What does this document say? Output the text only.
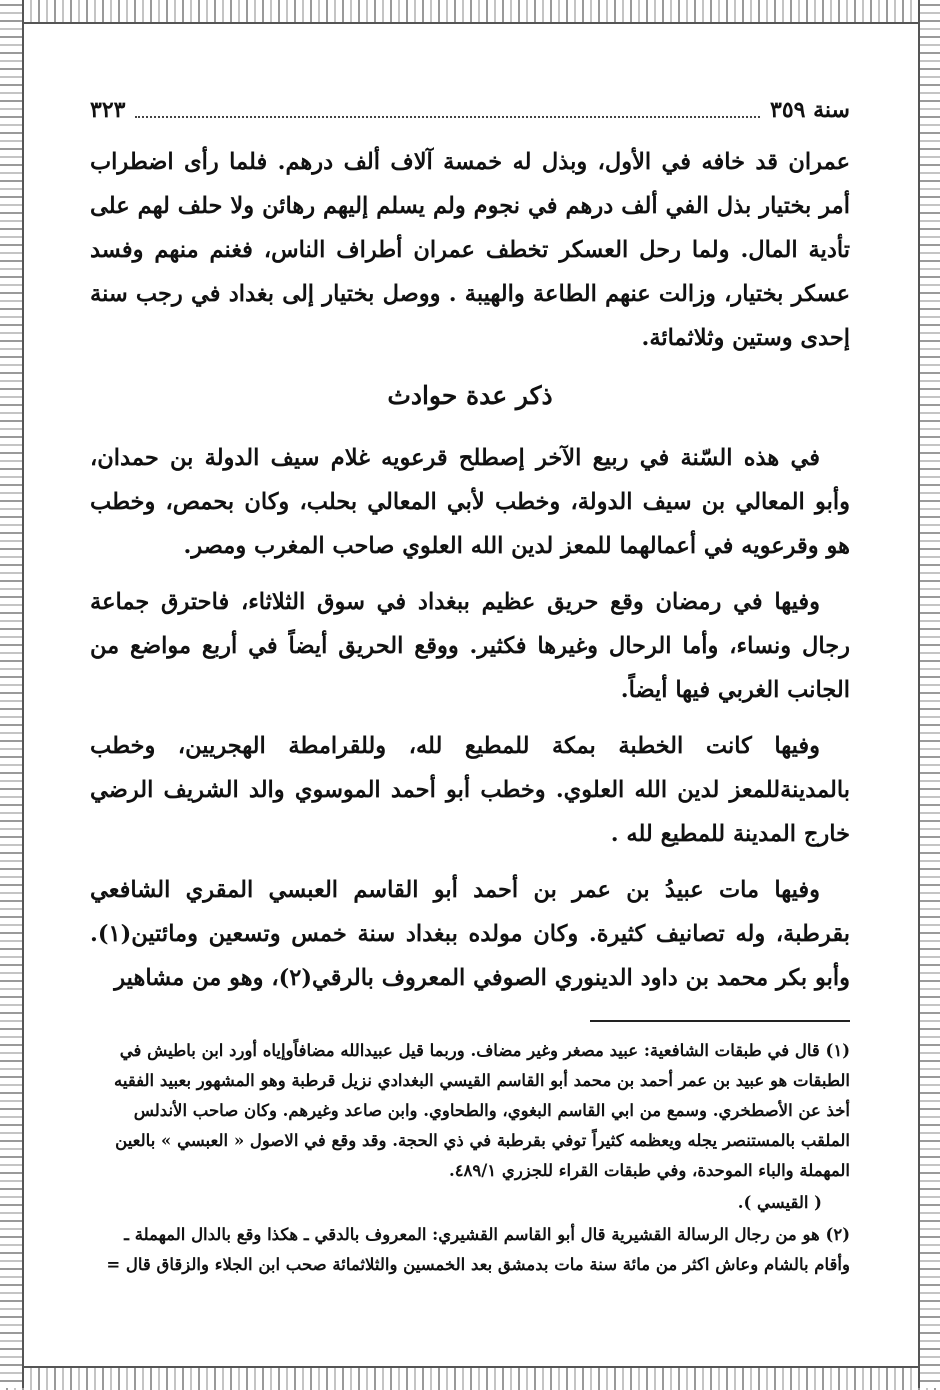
سنة ٣٥٩
٣٢٣

عمران قد خافه في الأول، وبذل له خمسة آلاف ألف درهم. فلما رأى اضطراب أمر بختيار بذل الفي ألف درهم في نجوم ولم يسلم إليهم رهائن ولا حلف لهم على تأدية المال. ولما رحل العسكر تخطف عمران أطراف الناس، فغنم منهم وفسد عسكر بختيار، وزالت عنهم الطاعة والهيبة . ووصل بختيار إلى بغداد في رجب سنة إحدى وستين وثلاثمائة.

ذكر عدة حوادث

في هذه السّنة في ربيع الآخر إصطلح قرعويه غلام سيف الدولة بن حمدان، وأبو المعالي بن سيف الدولة، وخطب لأبي المعالي بحلب، وكان بحمص، وخطب هو وقرعويه في أعمالهما للمعز لدين الله العلوي صاحب المغرب ومصر.

وفيها في رمضان وقع حريق عظيم ببغداد في سوق الثلاثاء، فاحترق جماعة رجال ونساء، وأما الرحال وغيرها فكثير. ووقع الحريق أيضاً في أربع مواضع من الجانب الغربي فيها أيضاً.

وفيها كانت الخطبة بمكة للمطيع لله، وللقرامطة الهجريين، وخطب بالمدينةللمعز لدين الله العلوي. وخطب أبو أحمد الموسوي والد الشريف الرضي خارج المدينة للمطيع لله .

وفيها مات عبيدُ بن عمر بن أحمد أبو القاسم العبسي المقري الشافعي بقرطبة، وله تصانيف كثيرة. وكان مولده ببغداد سنة خمس وتسعين ومائتين(١). وأبو بكر محمد بن داود الدينوري الصوفي المعروف بالرقي(٢)، وهو من مشاهير

(١) قال في طبقات الشافعية: عبيد مصغر وغير مضاف. وربما قيل عبيدالله مضافاًوإياه أورد ابن باطيش في الطبقات هو عبيد بن عمر أحمد بن محمد أبو القاسم القيسي البغدادي نزيل قرطبة وهو المشهور بعبيد الفقيه أخذ عن الأصطخري. وسمع من ابي القاسم البغوي، والطحاوي. وابن صاعد وغيرهم. وكان صاحب الأندلس الملقب بالمستنصر يجله ويعظمه كثيراً توفي بقرطبة في ذي الحجة. وقد وقع في الاصول « العبسي » بالعين المهملة والباء الموحدة، وفي طبقات القراء للجزري ٤٨٩/١.

( القيسي ).

(٢) هو من رجال الرسالة القشيرية قال أبو القاسم القشيري: المعروف بالدقي ـ هكذا وقع بالدال المهملة ـ وأقام بالشام وعاش اكثر من مائة سنة مات بدمشق بعد الخمسين والثلاثمائة صحب ابن الجلاء والزقاق قال =
